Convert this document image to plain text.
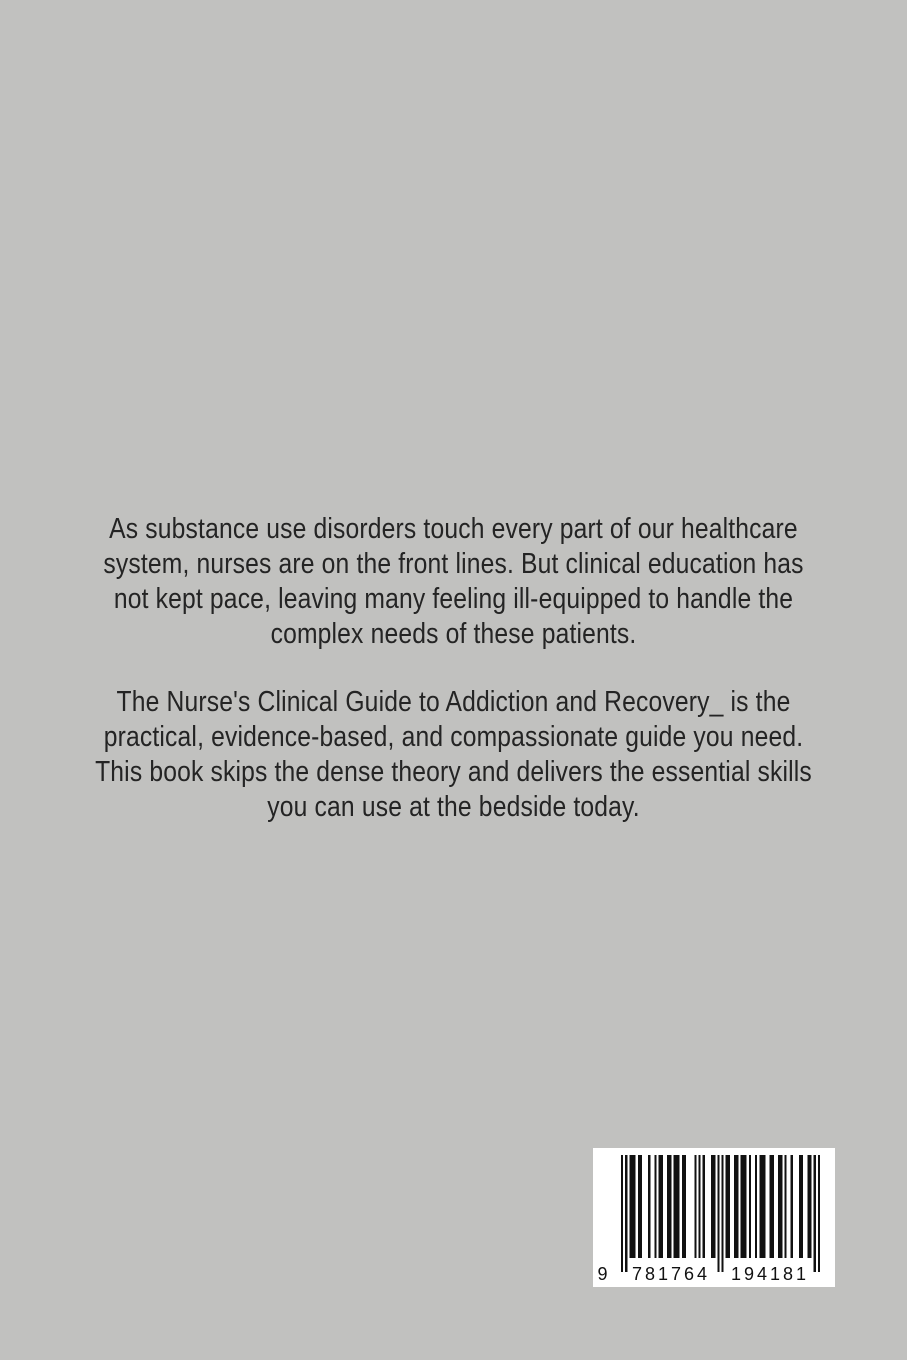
As substance use disorders touch every part of our healthcare
system, nurses are on the front lines. But clinical education has
not kept pace, leaving many feeling ill-equipped to handle the
complex needs of these patients.

The Nurse's Clinical Guide to Addiction and Recovery_ is the
practical, evidence-based, and compassionate guide you need.
This book skips the dense theory and delivers the essential skills
you can use at the bedside today.

9 781764 194181
